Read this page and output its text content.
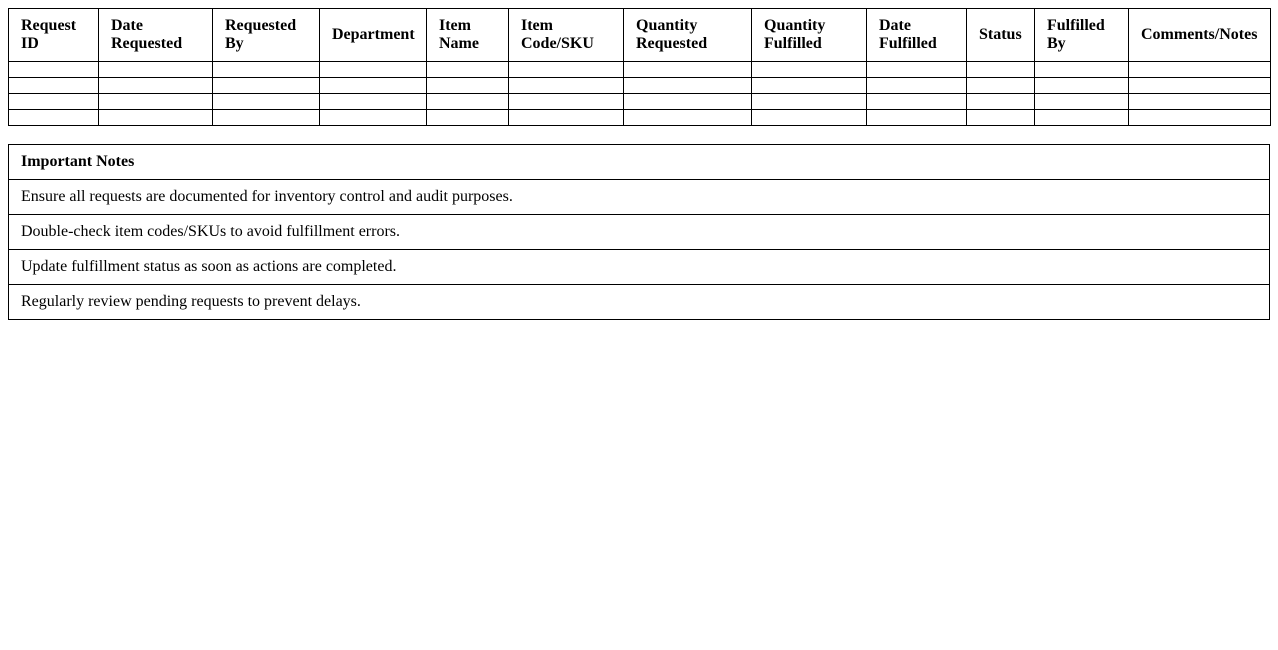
Request ID	Date Requested	Requested By	Department	Item Name	Item Code/SKU	Quantity Requested	Quantity Fulfilled	Date Fulfilled	Status	Fulfilled By	Comments/Notes

Important Notes
Ensure all requests are documented for inventory control and audit purposes.
Double-check item codes/SKUs to avoid fulfillment errors.
Update fulfillment status as soon as actions are completed.
Regularly review pending requests to prevent delays.
